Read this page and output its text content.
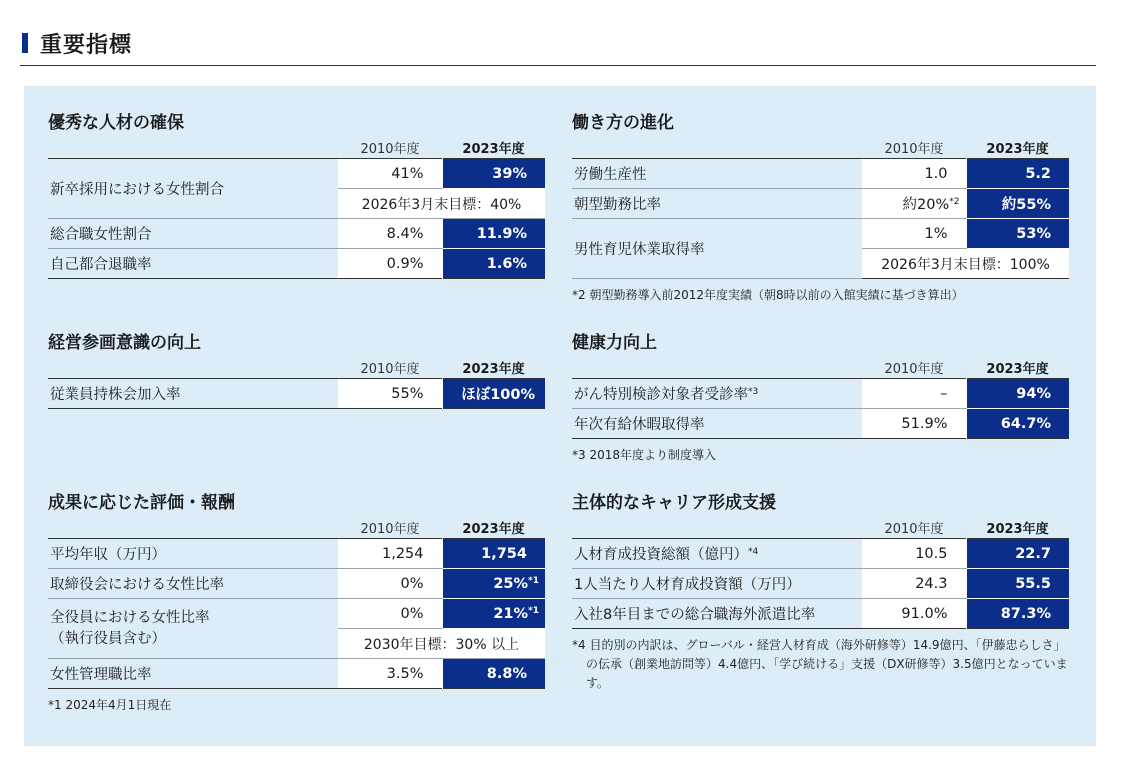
重要指標
優秀な人材の確保
2010年度	2023年度
新卒採用における女性割合	41%	39%
	2026年3月末目標：40%	
総合職女性割合	8.4%	11.9%
自己都合退職率	0.9%	1.6%
経営参画意識の向上
2010年度	2023年度
従業員持株会加入率	55%	ほぼ100%
成果に応じた評価・報酬
2010年度	2023年度
平均年収（万円）	1,254	1,754
取締役会における女性比率	0%	25%$^{*1}$

全役員における女性比率
（執行役員含む）	0%	21%$^{*1}$
	2030年目標：30% 以上	
女性管理職比率	3.5%	8.8%
*1 2024年4月1日現在
働き方の進化
2010年度	2023年度
労働生産性	1.0	5.2
朝型勤務比率	約20%$^{*2}$	約55%
男性育児休業取得率	1%	53%
	2026年3月末目標：100%	
*2 朝型勤務導入前2012年度実績（朝8時以前の入館実績に基づき算出）
健康力向上
2010年度	2023年度
がん特別検診対象者受診率$^{*3}$	–	94%
年次有給休暇取得率	51.9%	64.7%
*3 2018年度より制度導入
主体的なキャリア形成支援
2010年度	2023年度
人材育成投資総額（億円）$^{*4}$	10.5	22.7
1人当たり人材育成投資額（万円）	24.3	55.5
入社8年目までの総合職海外派遣比率	91.0%	87.3%
*4 目的別の内訳は、グローバル・経営人材育成（海外研修等）14.9億円、「伊藤忠らしさ」の伝承（創業地訪問等）4.4億円、「学び続ける」支援（DX研修等）3.5億円となっています。
